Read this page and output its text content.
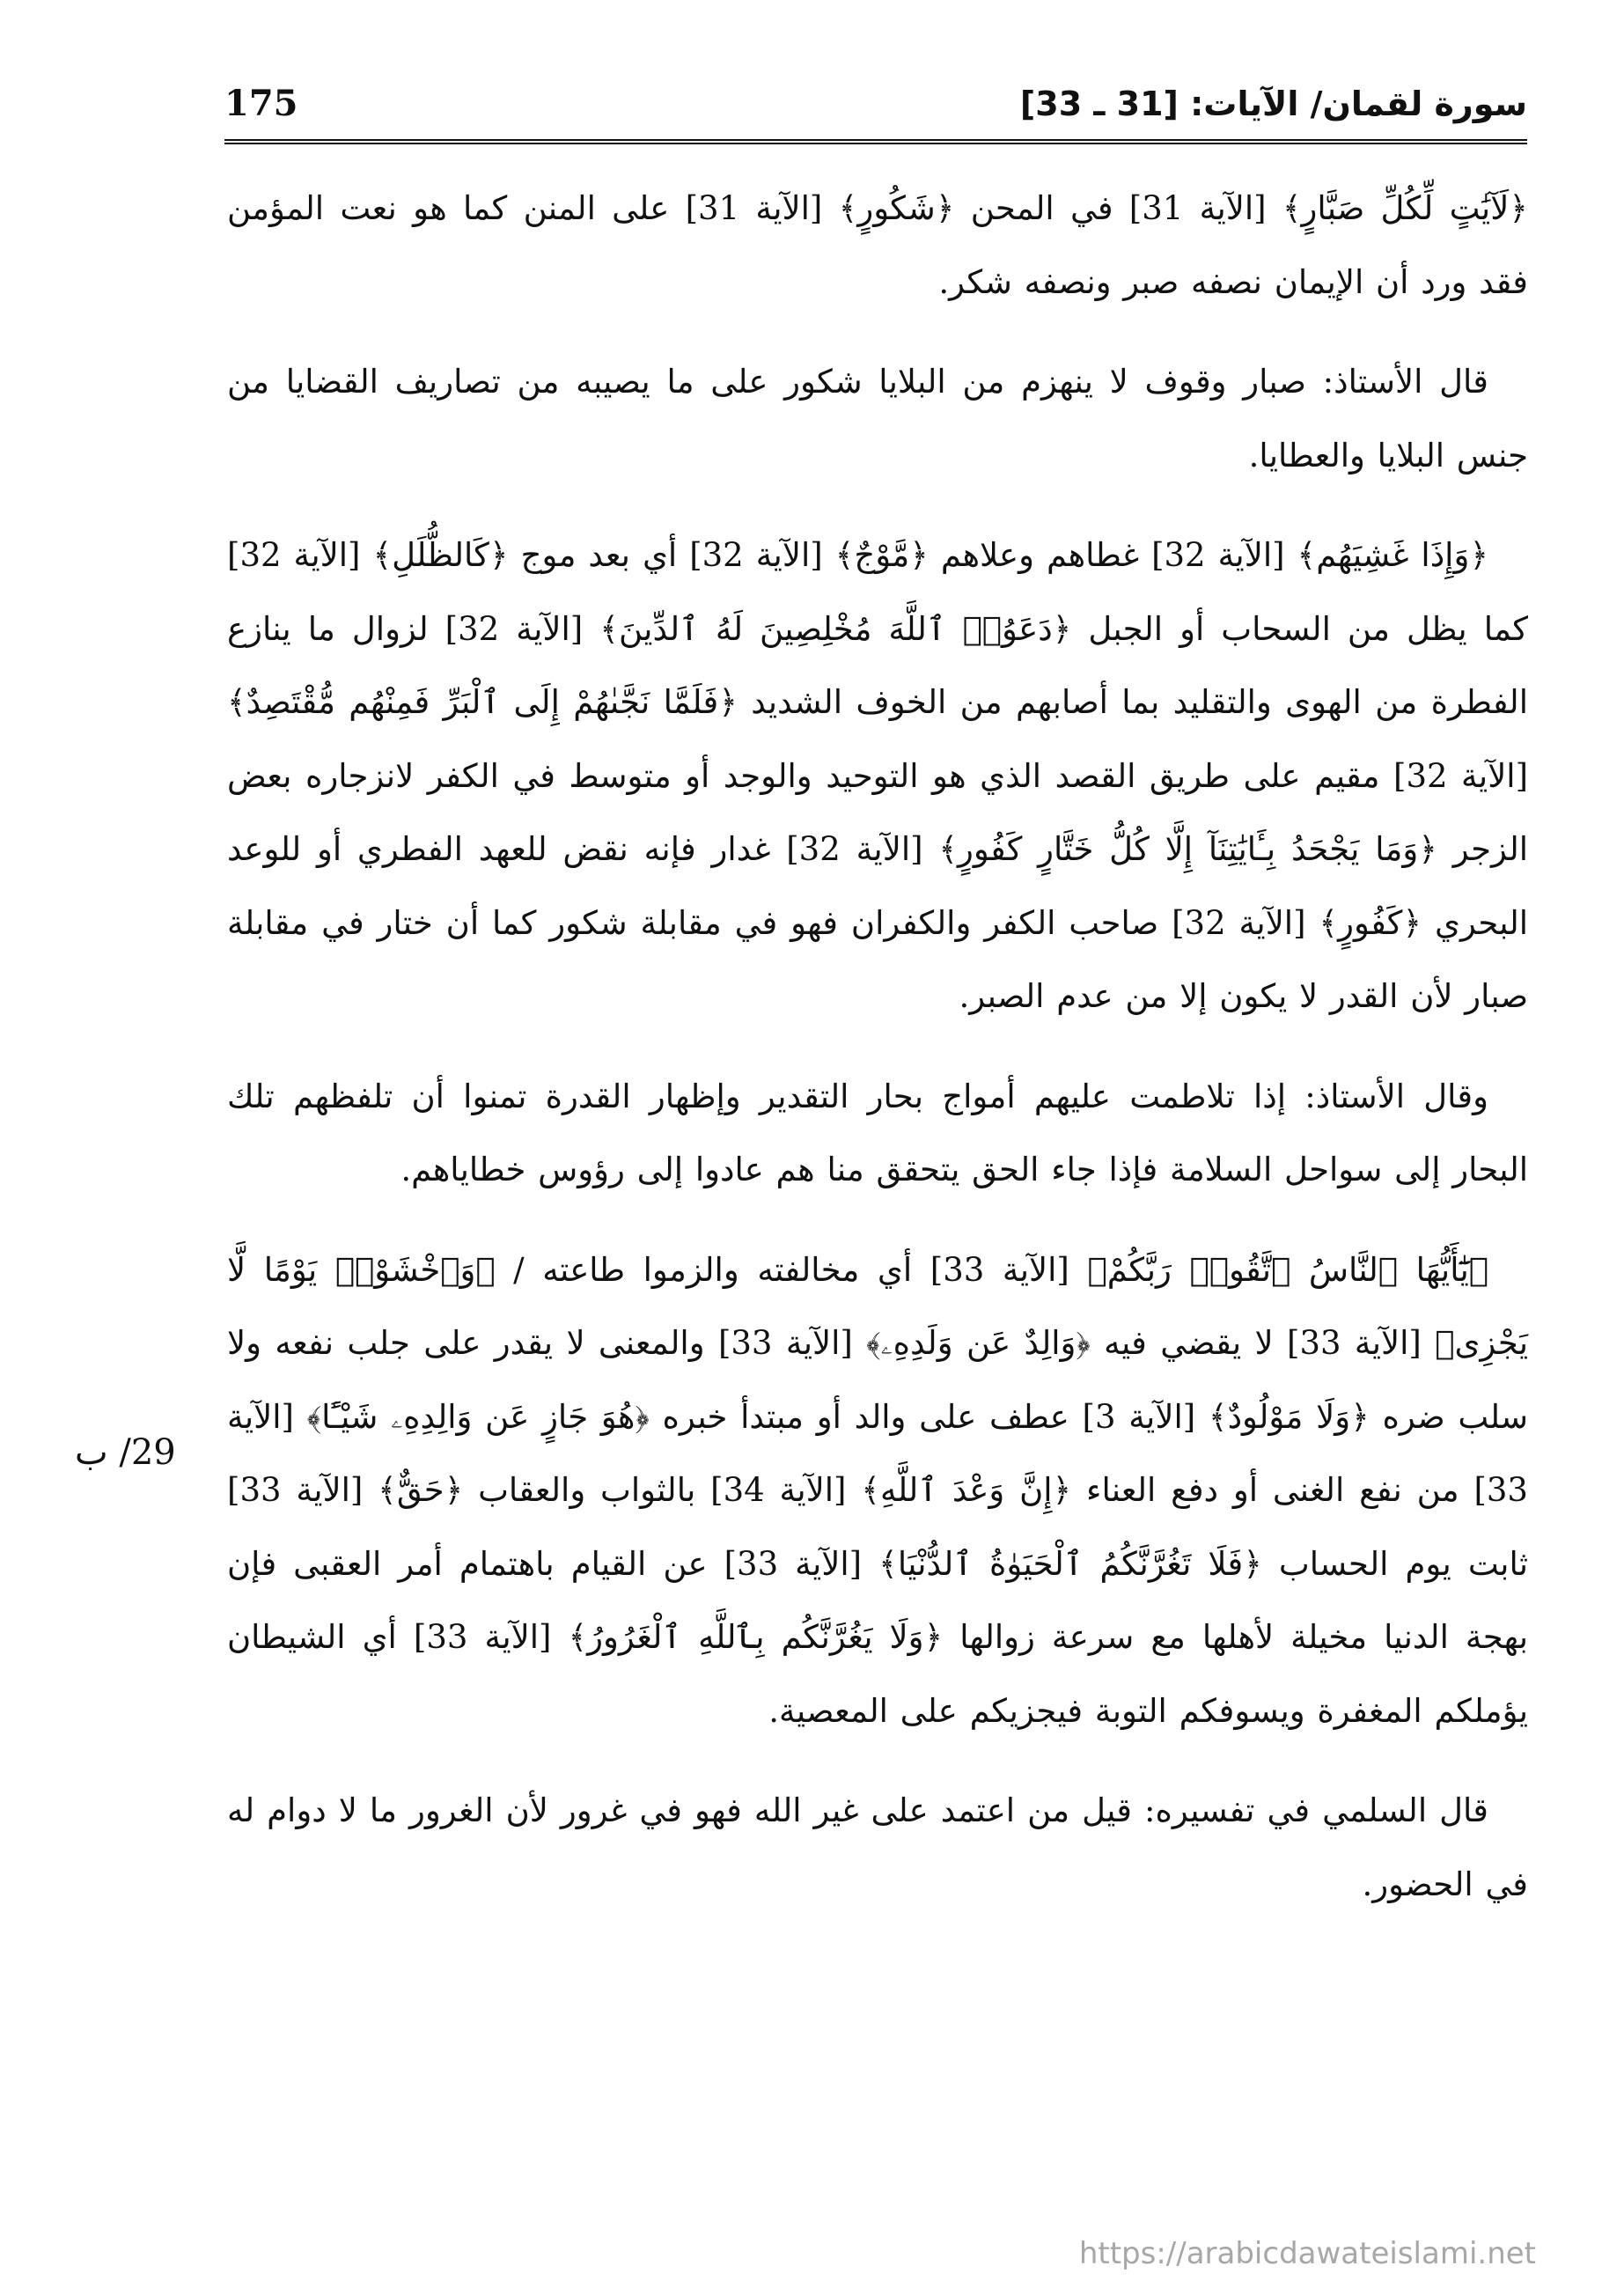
175	سورة لقمان/ الآيات: [31 ـ 33]
29/ ب

﴿لَآيَٰتٍ لِّكُلِّ صَبَّارٍ﴾ [الآية 31] في المحن ﴿شَكُورٍ﴾ [الآية 31] على المنن كما هو نعت المؤمن فقد ورد أن الإيمان نصفه صبر ونصفه شكر.

قال الأستاذ: صبار وقوف لا ينهزم من البلايا شكور على ما يصيبه من تصاريف القضايا من جنس البلايا والعطايا.

﴿وَإِذَا غَشِيَهُم﴾ [الآية 32] غطاهم وعلاهم ﴿مَّوْجٌ﴾ [الآية 32] أي بعد موج ﴿كَالظُّلَلِ﴾ [الآية 32] كما يظل من السحاب أو الجبل ﴿دَعَوُا۟ ٱللَّهَ مُخْلِصِينَ لَهُ ٱلدِّينَ﴾ [الآية 32] لزوال ما ينازع الفطرة من الهوى والتقليد بما أصابهم من الخوف الشديد ﴿فَلَمَّا نَجَّىٰهُمْ إِلَى ٱلْبَرِّ فَمِنْهُم مُّقْتَصِدٌ﴾ [الآية 32] مقيم على طريق القصد الذي هو التوحيد والوجد أو متوسط في الكفر لانزجاره بعض الزجر ﴿وَمَا يَجْحَدُ بِـَٔايَٰتِنَآ إِلَّا كُلُّ خَتَّارٍ كَفُورٍ﴾ [الآية 32] غدار فإنه نقض للعهد الفطري أو للوعد البحري ﴿كَفُورٍ﴾ [الآية 32] صاحب الكفر والكفران فهو في مقابلة شكور كما أن ختار في مقابلة صبار لأن القدر لا يكون إلا من عدم الصبر.

وقال الأستاذ: إذا تلاطمت عليهم أمواج بحار التقدير وإظهار القدرة تمنوا أن تلفظهم تلك البحار إلى سواحل السلامة فإذا جاء الحق يتحقق منا هم عادوا إلى رؤوس خطاياهم.

﴿يَٰٓأَيُّهَا ٱلنَّاسُ ٱتَّقُوا۟ رَبَّكُمْ﴾ [الآية 33] أي مخالفته والزموا طاعته / ﴿وَٱخْشَوْا۟ يَوْمًا لَّا يَجْزِى﴾ [الآية 33] لا يقضي فيه ﴿وَالِدٌ عَن وَلَدِهِۦ﴾ [الآية 33] والمعنى لا يقدر على جلب نفعه ولا سلب ضره ﴿وَلَا مَوْلُودٌ﴾ [الآية 3] عطف على والد أو مبتدأ خبره ﴿هُوَ جَازٍ عَن وَالِدِهِۦ شَيْـًٔا﴾ [الآية 33] من نفع الغنى أو دفع العناء ﴿إِنَّ وَعْدَ ٱللَّهِ﴾ [الآية 34] بالثواب والعقاب ﴿حَقٌّ﴾ [الآية 33] ثابت يوم الحساب ﴿فَلَا تَغُرَّنَّكُمُ ٱلْحَيَوٰةُ ٱلدُّنْيَا﴾ [الآية 33] عن القيام باهتمام أمر العقبى فإن بهجة الدنيا مخيلة لأهلها مع سرعة زوالها ﴿وَلَا يَغُرَّنَّكُم بِٱللَّهِ ٱلْغَرُورُ﴾ [الآية 33] أي الشيطان يؤملكم المغفرة ويسوفكم التوبة فيجزيكم على المعصية.

قال السلمي في تفسيره: قيل من اعتمد على غير الله فهو في غرور لأن الغرور ما لا دوام له في الحضور.

https://arabicdawateislami.net
